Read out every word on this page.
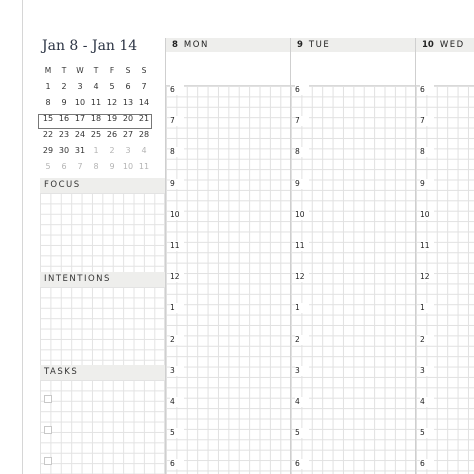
Jan 8 - Jan 14
M	T	W	T	F	S	S
1	2	3	4	5	6	7
8	9	10 11 12 13 14
15 16 17 18 19 20 21
22 23 24 25 26 27 28
29 30 31	1	2	3	4
5	6	7	8	9	10 11
FOCUS
INTENTIONS
TASKS
8 MON
6
7
8
9
10
11
12
1
2
3
4
5
6
9 TUE
6
7
8
9
10
11
12
1
2
3
4
5
6
10 WED
6
7
8
9
10
11
12
1
2
3
4
5
6
